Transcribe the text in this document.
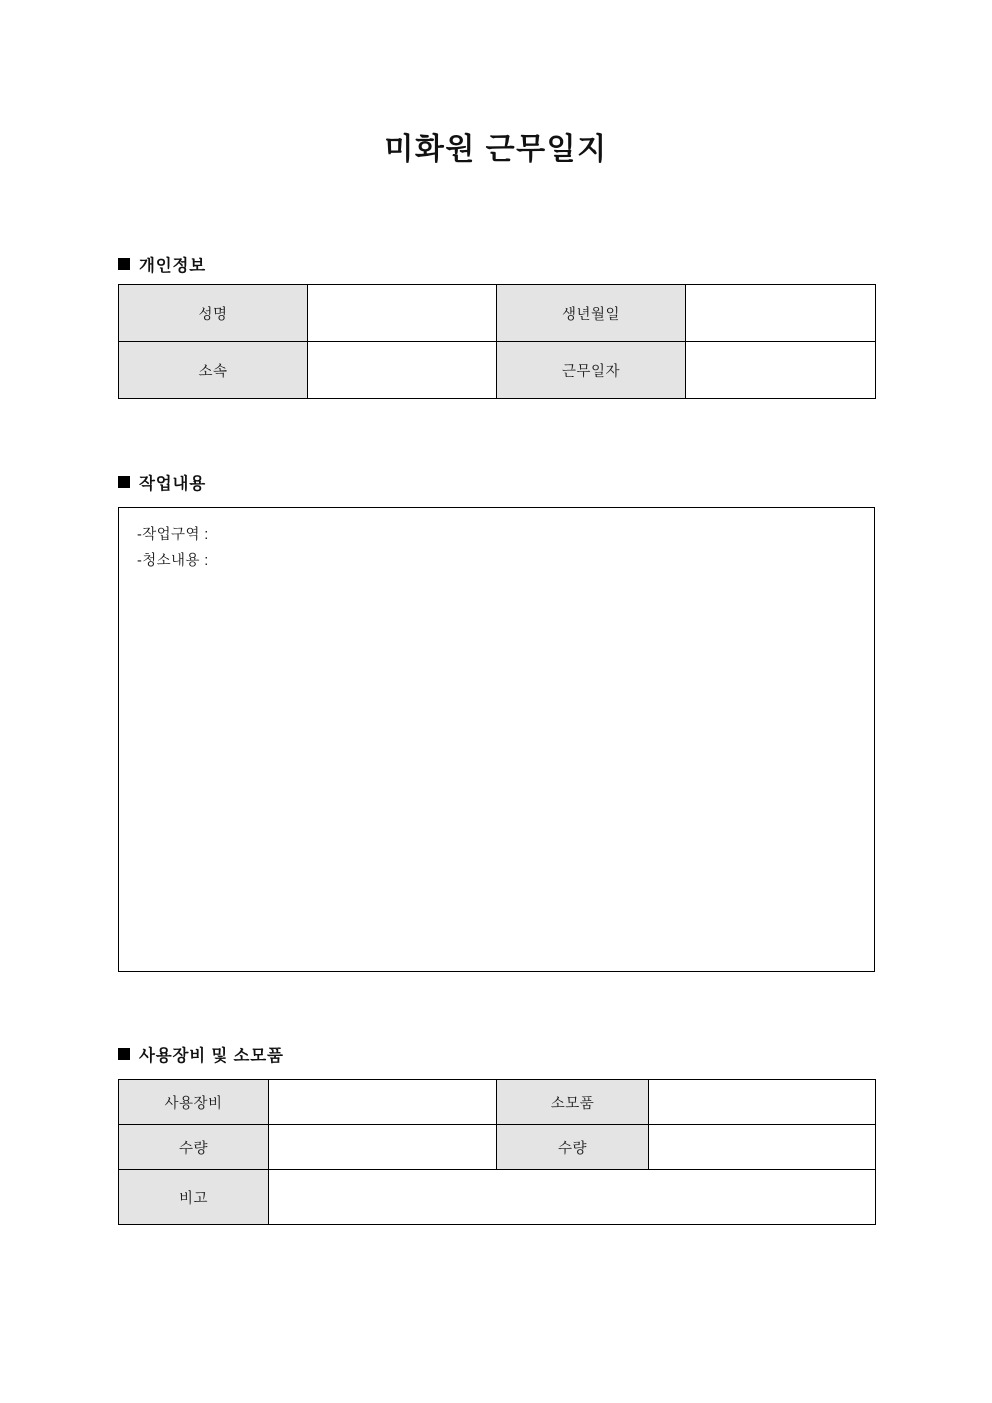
미화원 근무일지
개인정보
성명		생년월일	
소속		근무일자	
작업내용
-작업구역 :
-청소내용 :
사용장비 및 소모품
사용장비		소모품	
수량		수량	
비고			
